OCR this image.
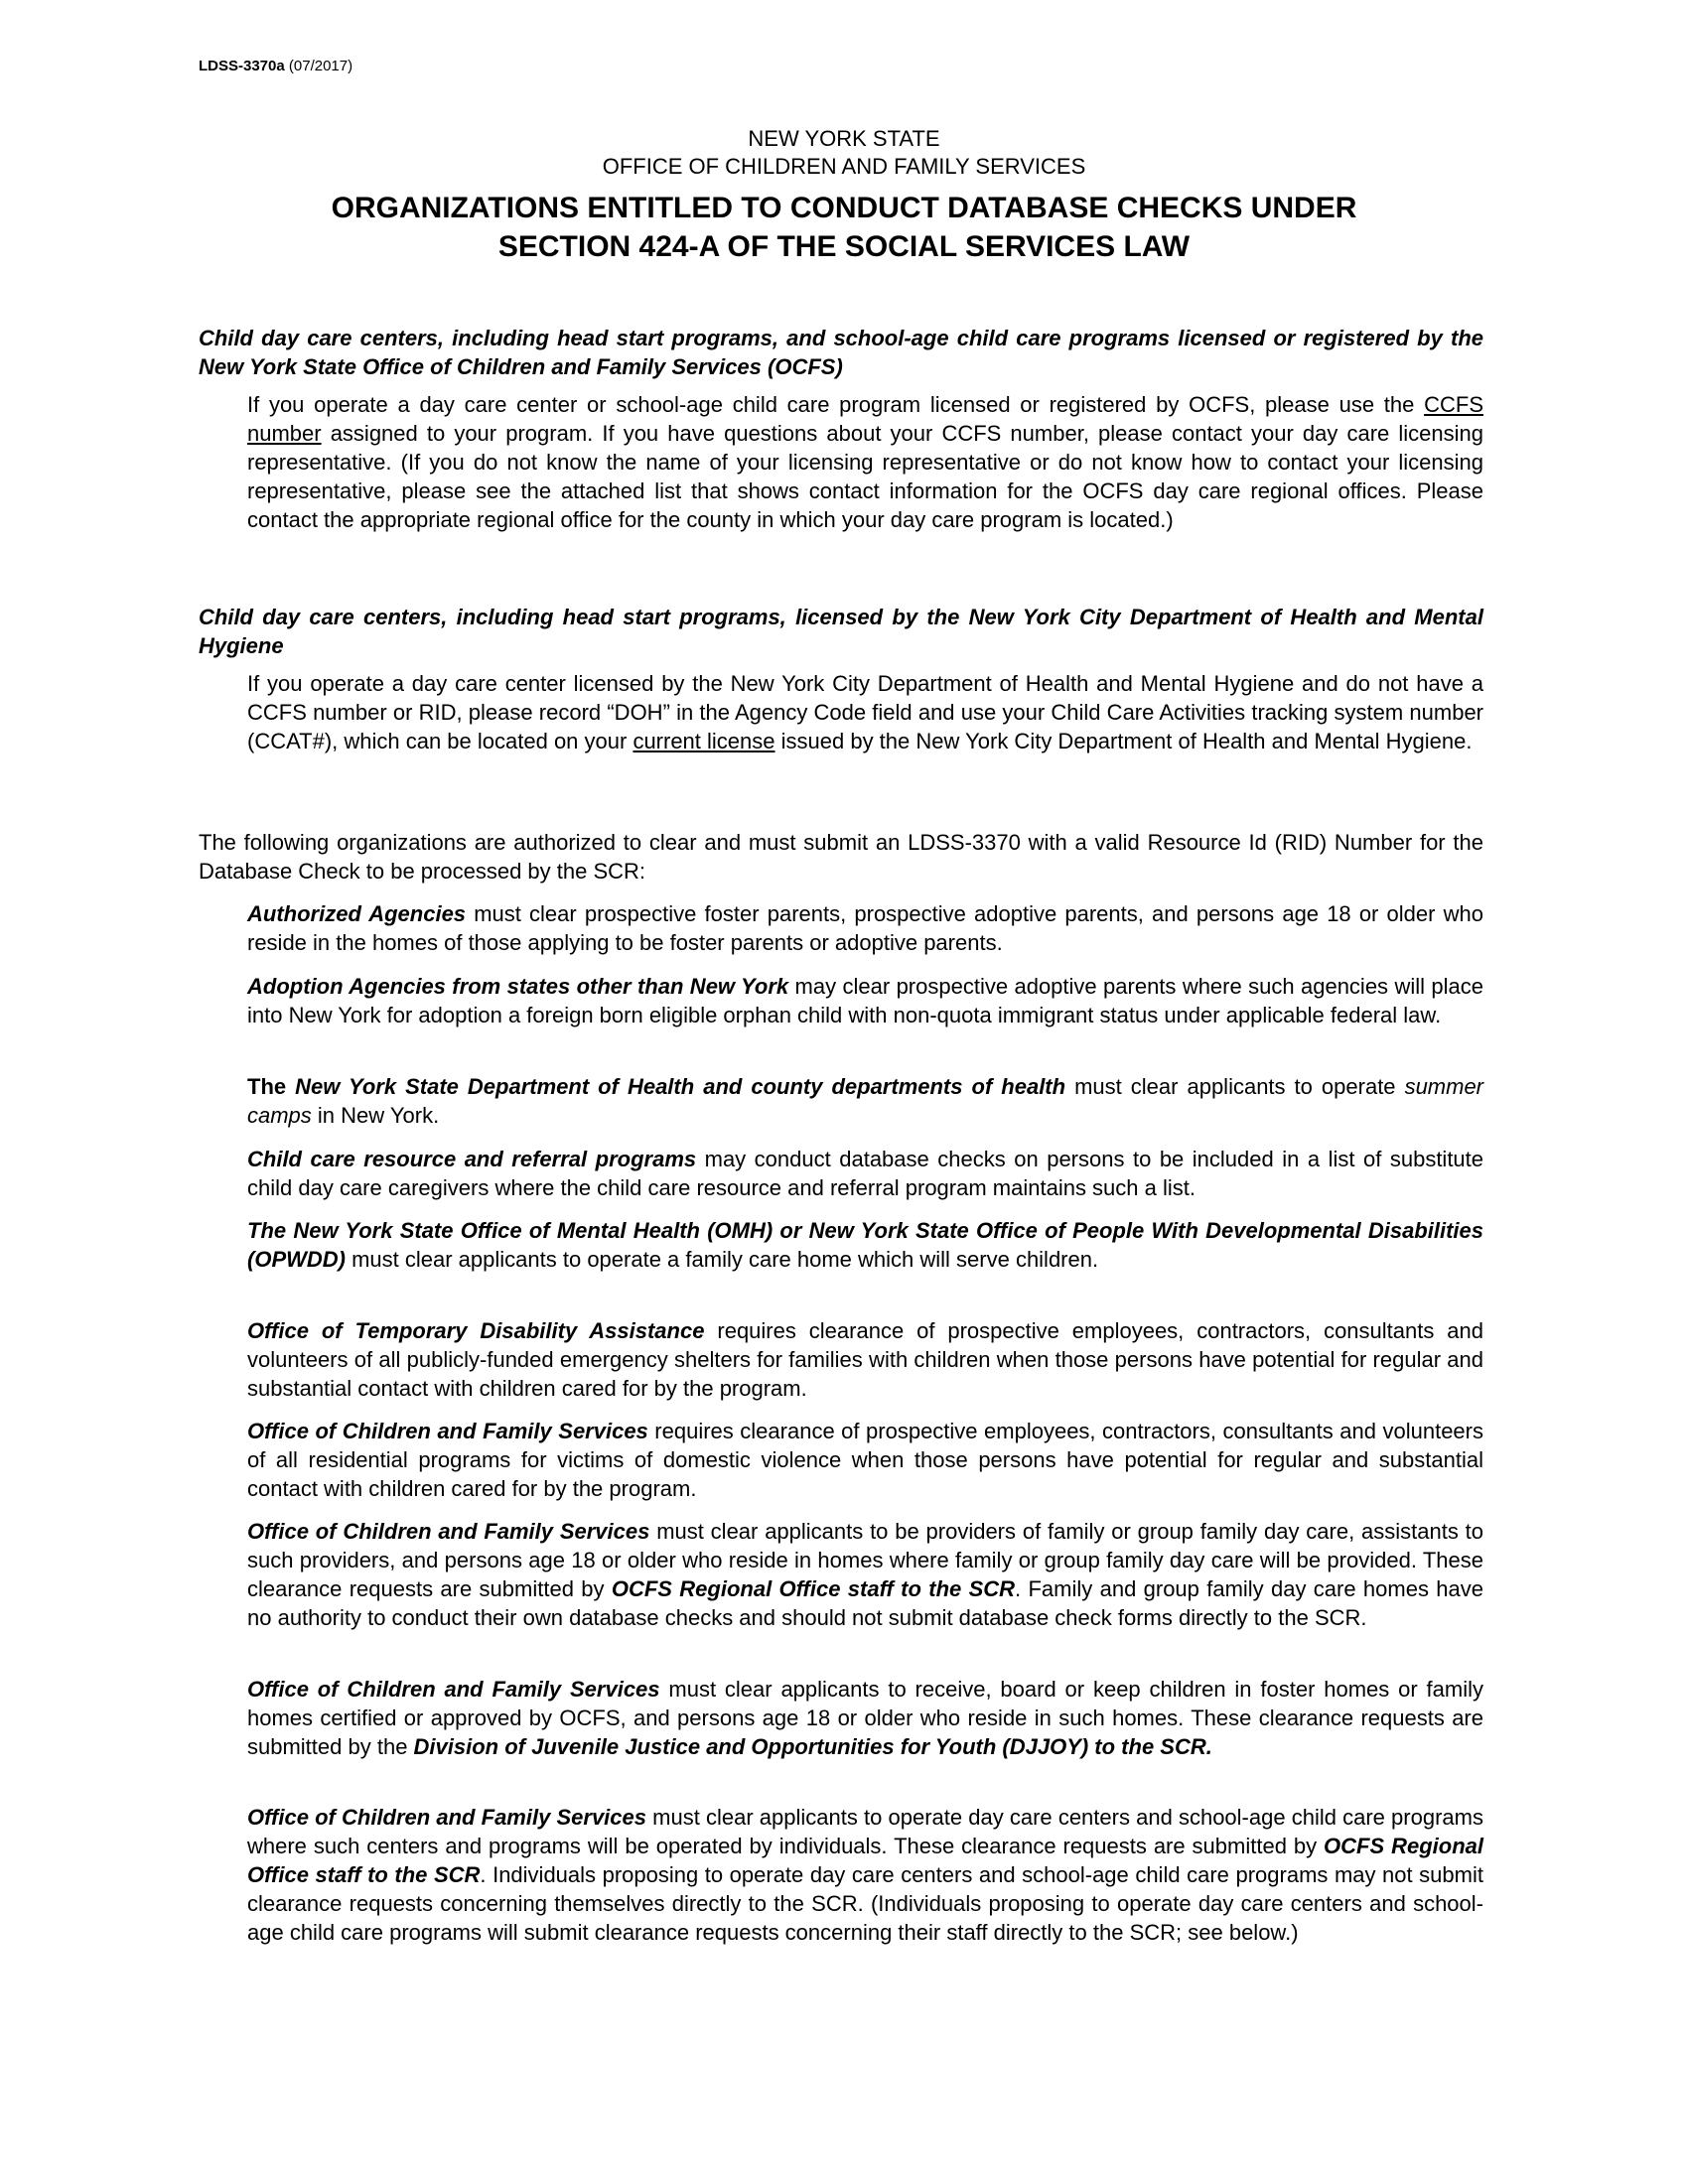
LDSS-3370a (07/2017)
NEW YORK STATE
OFFICE OF CHILDREN AND FAMILY SERVICES
ORGANIZATIONS ENTITLED TO CONDUCT DATABASE CHECKS UNDER
SECTION 424-A OF THE SOCIAL SERVICES LAW
Child day care centers, including head start programs, and school-age child care programs licensed or registered by the New York State Office of Children and Family Services (OCFS)
If you operate a day care center or school-age child care program licensed or registered by OCFS, please use the CCFS number assigned to your program. If you have questions about your CCFS number, please contact your day care licensing representative. (If you do not know the name of your licensing representative or do not know how to contact your licensing representative, please see the attached list that shows contact information for the OCFS day care regional offices. Please contact the appropriate regional office for the county in which your day care program is located.)
Child day care centers, including head start programs, licensed by the New York City Department of Health and Mental Hygiene
If you operate a day care center licensed by the New York City Department of Health and Mental Hygiene and do not have a CCFS number or RID, please record “DOH” in the Agency Code field and use your Child Care Activities tracking system number (CCAT#), which can be located on your current license issued by the New York City Department of Health and Mental Hygiene.
The following organizations are authorized to clear and must submit an LDSS-3370 with a valid Resource Id (RID) Number for the Database Check to be processed by the SCR:
Authorized Agencies must clear prospective foster parents, prospective adoptive parents, and persons age 18 or older who reside in the homes of those applying to be foster parents or adoptive parents.
Adoption Agencies from states other than New York may clear prospective adoptive parents where such agencies will place into New York for adoption a foreign born eligible orphan child with non-quota immigrant status under applicable federal law.
The New York State Department of Health and county departments of health must clear applicants to operate summer camps in New York.
Child care resource and referral programs may conduct database checks on persons to be included in a list of substitute child day care caregivers where the child care resource and referral program maintains such a list.
The New York State Office of Mental Health (OMH) or New York State Office of People With Developmental Disabilities (OPWDD) must clear applicants to operate a family care home which will serve children.
Office of Temporary Disability Assistance requires clearance of prospective employees, contractors, consultants and volunteers of all publicly-funded emergency shelters for families with children when those persons have potential for regular and substantial contact with children cared for by the program.
Office of Children and Family Services requires clearance of prospective employees, contractors, consultants and volunteers of all residential programs for victims of domestic violence when those persons have potential for regular and substantial contact with children cared for by the program.
Office of Children and Family Services must clear applicants to be providers of family or group family day care, assistants to such providers, and persons age 18 or older who reside in homes where family or group family day care will be provided. These clearance requests are submitted by OCFS Regional Office staff to the SCR. Family and group family day care homes have no authority to conduct their own database checks and should not submit database check forms directly to the SCR.
Office of Children and Family Services must clear applicants to receive, board or keep children in foster homes or family homes certified or approved by OCFS, and persons age 18 or older who reside in such homes. These clearance requests are submitted by the Division of Juvenile Justice and Opportunities for Youth (DJJOY) to the SCR.
Office of Children and Family Services must clear applicants to operate day care centers and school-age child care programs where such centers and programs will be operated by individuals. These clearance requests are submitted by OCFS Regional Office staff to the SCR. Individuals proposing to operate day care centers and school-age child care programs may not submit clearance requests concerning themselves directly to the SCR. (Individuals proposing to operate day care centers and school-age child care programs will submit clearance requests concerning their staff directly to the SCR; see below.)
